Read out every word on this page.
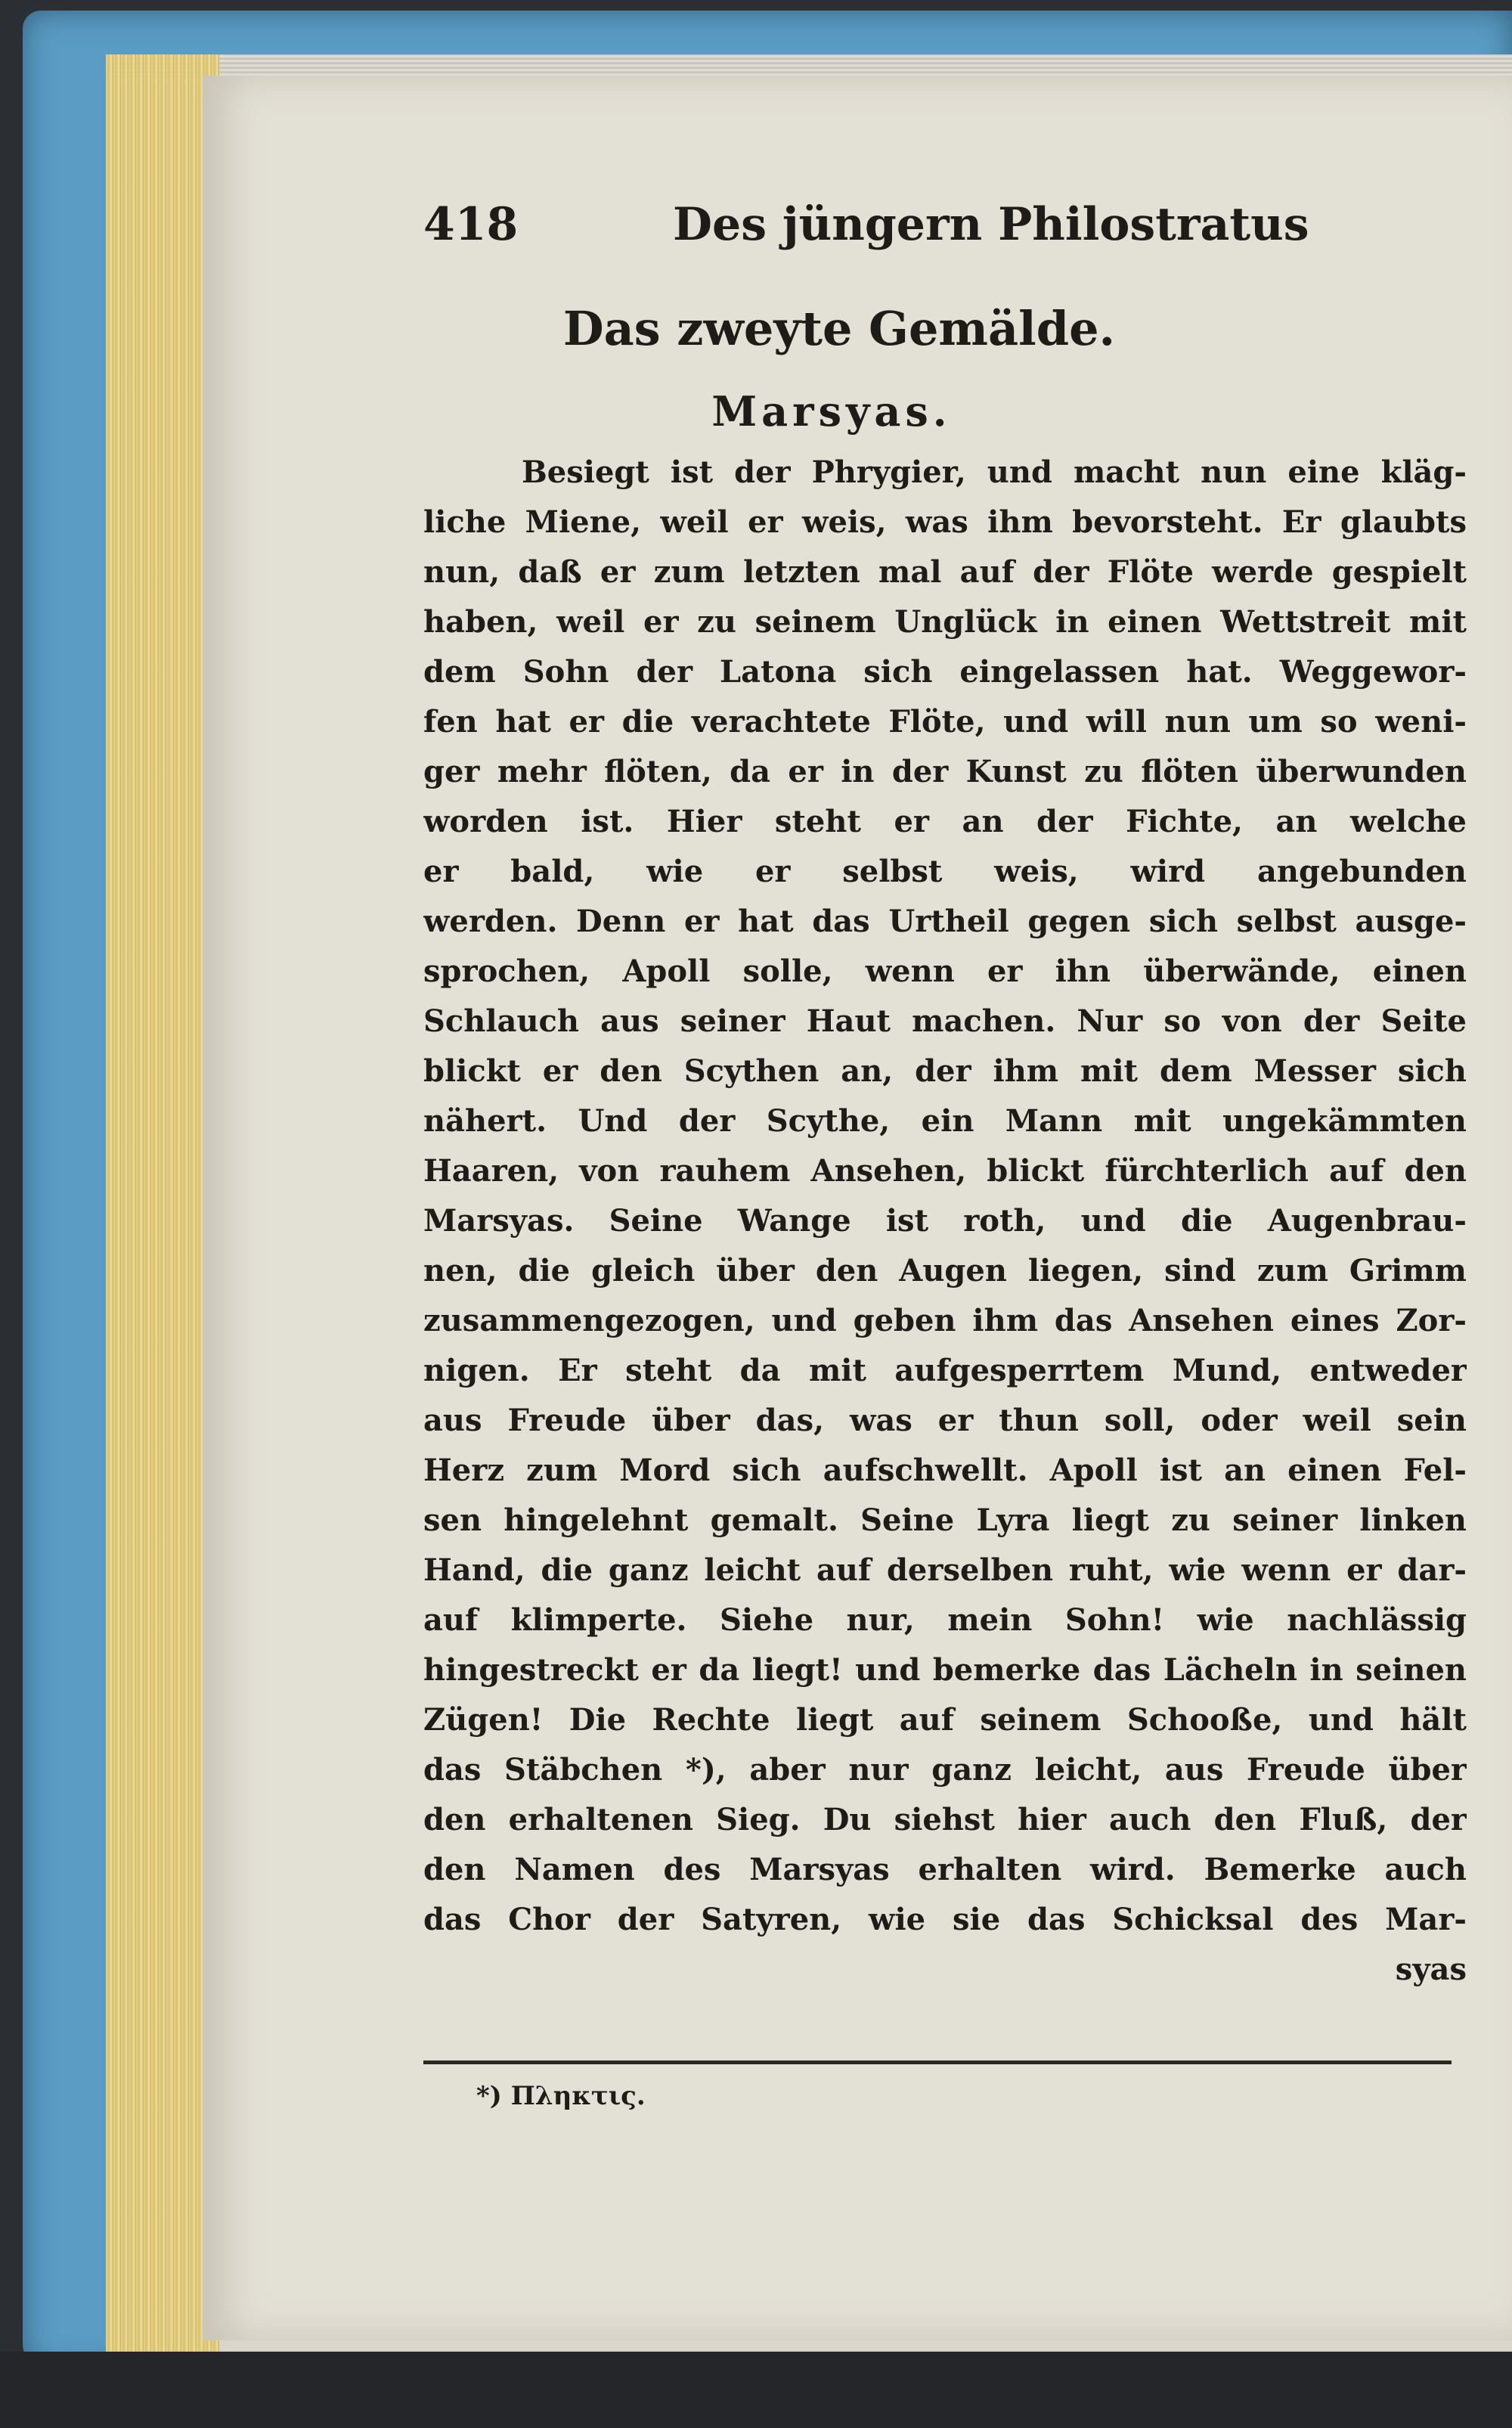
418	Des jüngern Philostratus
Das zweyte Gemälde.
Marsyas.
Besiegt ist der Phrygier, und macht nun eine kläg-
liche Miene, weil er weis, was ihm bevorsteht. Er glaubts
nun, daß er zum letzten mal auf der Flöte werde gespielt
haben, weil er zu seinem Unglück in einen Wettstreit mit
dem Sohn der Latona sich eingelassen hat. Weggewor-
fen hat er die verachtete Flöte, und will nun um so weni-
ger mehr flöten, da er in der Kunst zu flöten überwunden
worden ist. Hier steht er an der Fichte, an welche
er bald, wie er selbst weis, wird angebunden
werden. Denn er hat das Urtheil gegen sich selbst ausge-
sprochen, Apoll solle, wenn er ihn überwände, einen
Schlauch aus seiner Haut machen. Nur so von der Seite
blickt er den Scythen an, der ihm mit dem Messer sich
nähert. Und der Scythe, ein Mann mit ungekämmten
Haaren, von rauhem Ansehen, blickt fürchterlich auf den
Marsyas. Seine Wange ist roth, und die Augenbrau-
nen, die gleich über den Augen liegen, sind zum Grimm
zusammengezogen, und geben ihm das Ansehen eines Zor-
nigen. Er steht da mit aufgesperrtem Mund, entweder
aus Freude über das, was er thun soll, oder weil sein
Herz zum Mord sich aufschwellt. Apoll ist an einen Fel-
sen hingelehnt gemalt. Seine Lyra liegt zu seiner linken
Hand, die ganz leicht auf derselben ruht, wie wenn er dar-
auf klimperte. Siehe nur, mein Sohn! wie nachlässig
hingestreckt er da liegt! und bemerke das Lächeln in seinen
Zügen! Die Rechte liegt auf seinem Schooße, und hält
das Stäbchen *), aber nur ganz leicht, aus Freude über
den erhaltenen Sieg. Du siehst hier auch den Fluß, der
den Namen des Marsyas erhalten wird. Bemerke auch
das Chor der Satyren, wie sie das Schicksal des Mar-
syas
*) Πληκτις.
